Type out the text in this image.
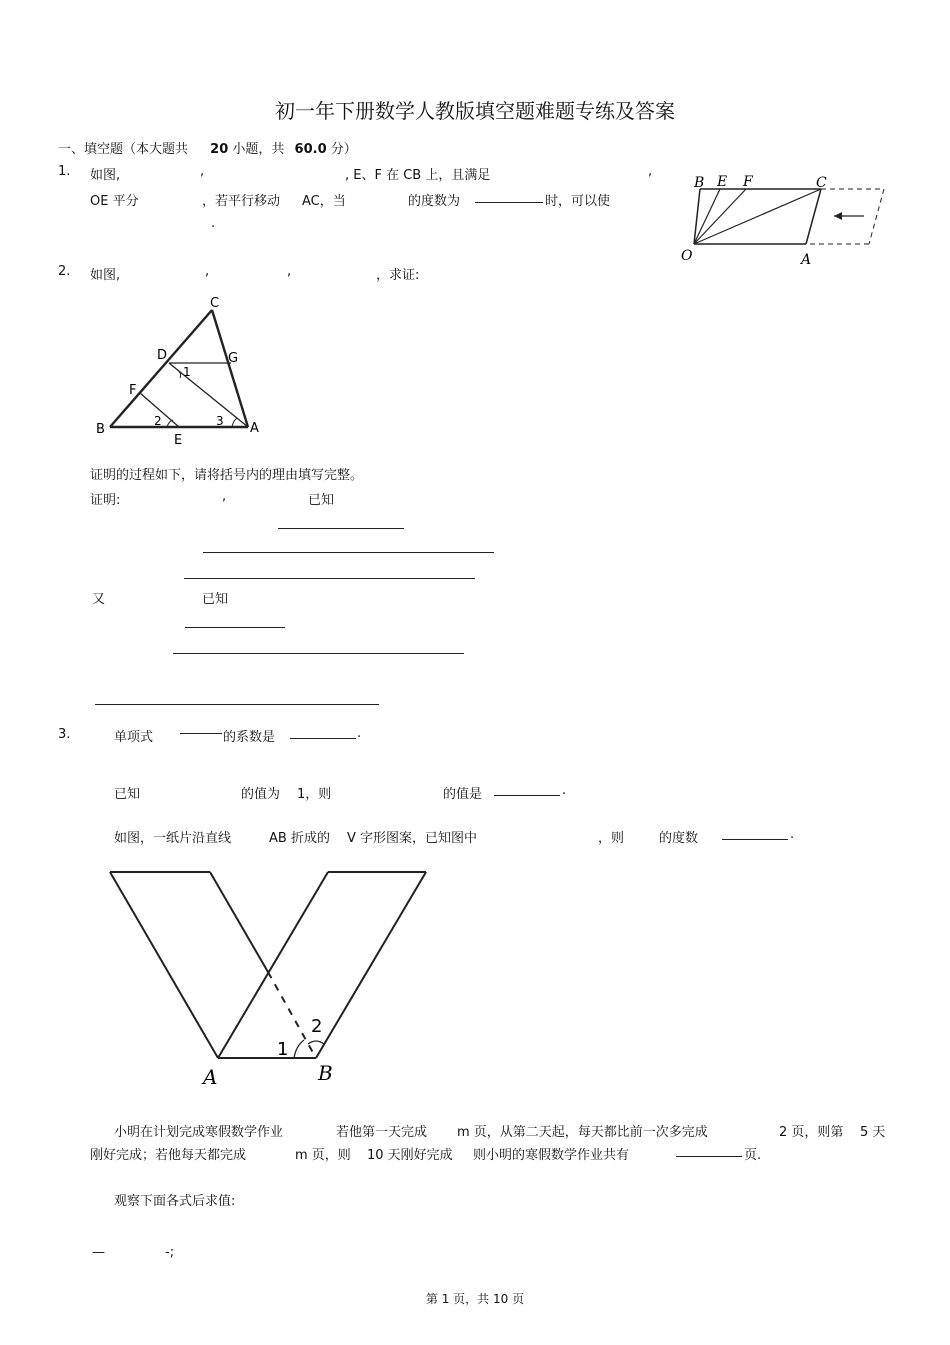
初一年下册数学人教版填空题难题专练及答案
一、填空题（本大题共 20 小题，共 60.0 分）
1. 如图,	,	, E、F 在 CB 上，且满足	,
OE 平分	，若平行移动 AC，当	的度数为	时，可以使
.
B E F	C
O	A
2. 如图,	,	,	，求证:
C
D	G
F
B
E
A
1
2	3
证明的过程如下，请将括号内的理由填写完整。
证明:	,	已知
又	已知
3.	单项式	的系数是	.
已知	的值为 1，则	的值是	.
如图，一纸片沿直线	AB 折成的 V 字形图案，已知图中	，则	的度数	.
A	B
1
2
小明在计划完成寒假数学作业	若他第一天完成 m 页，从第二天起，每天都比前一次多完成	2 页，则第 5 天
刚好完成；若他每天都完成	m 页，则 10 天刚好完成 则小明的寒假数学作业共有	页.
观察下面各式后求值:
—	-;
第 1 页，共 10 页
